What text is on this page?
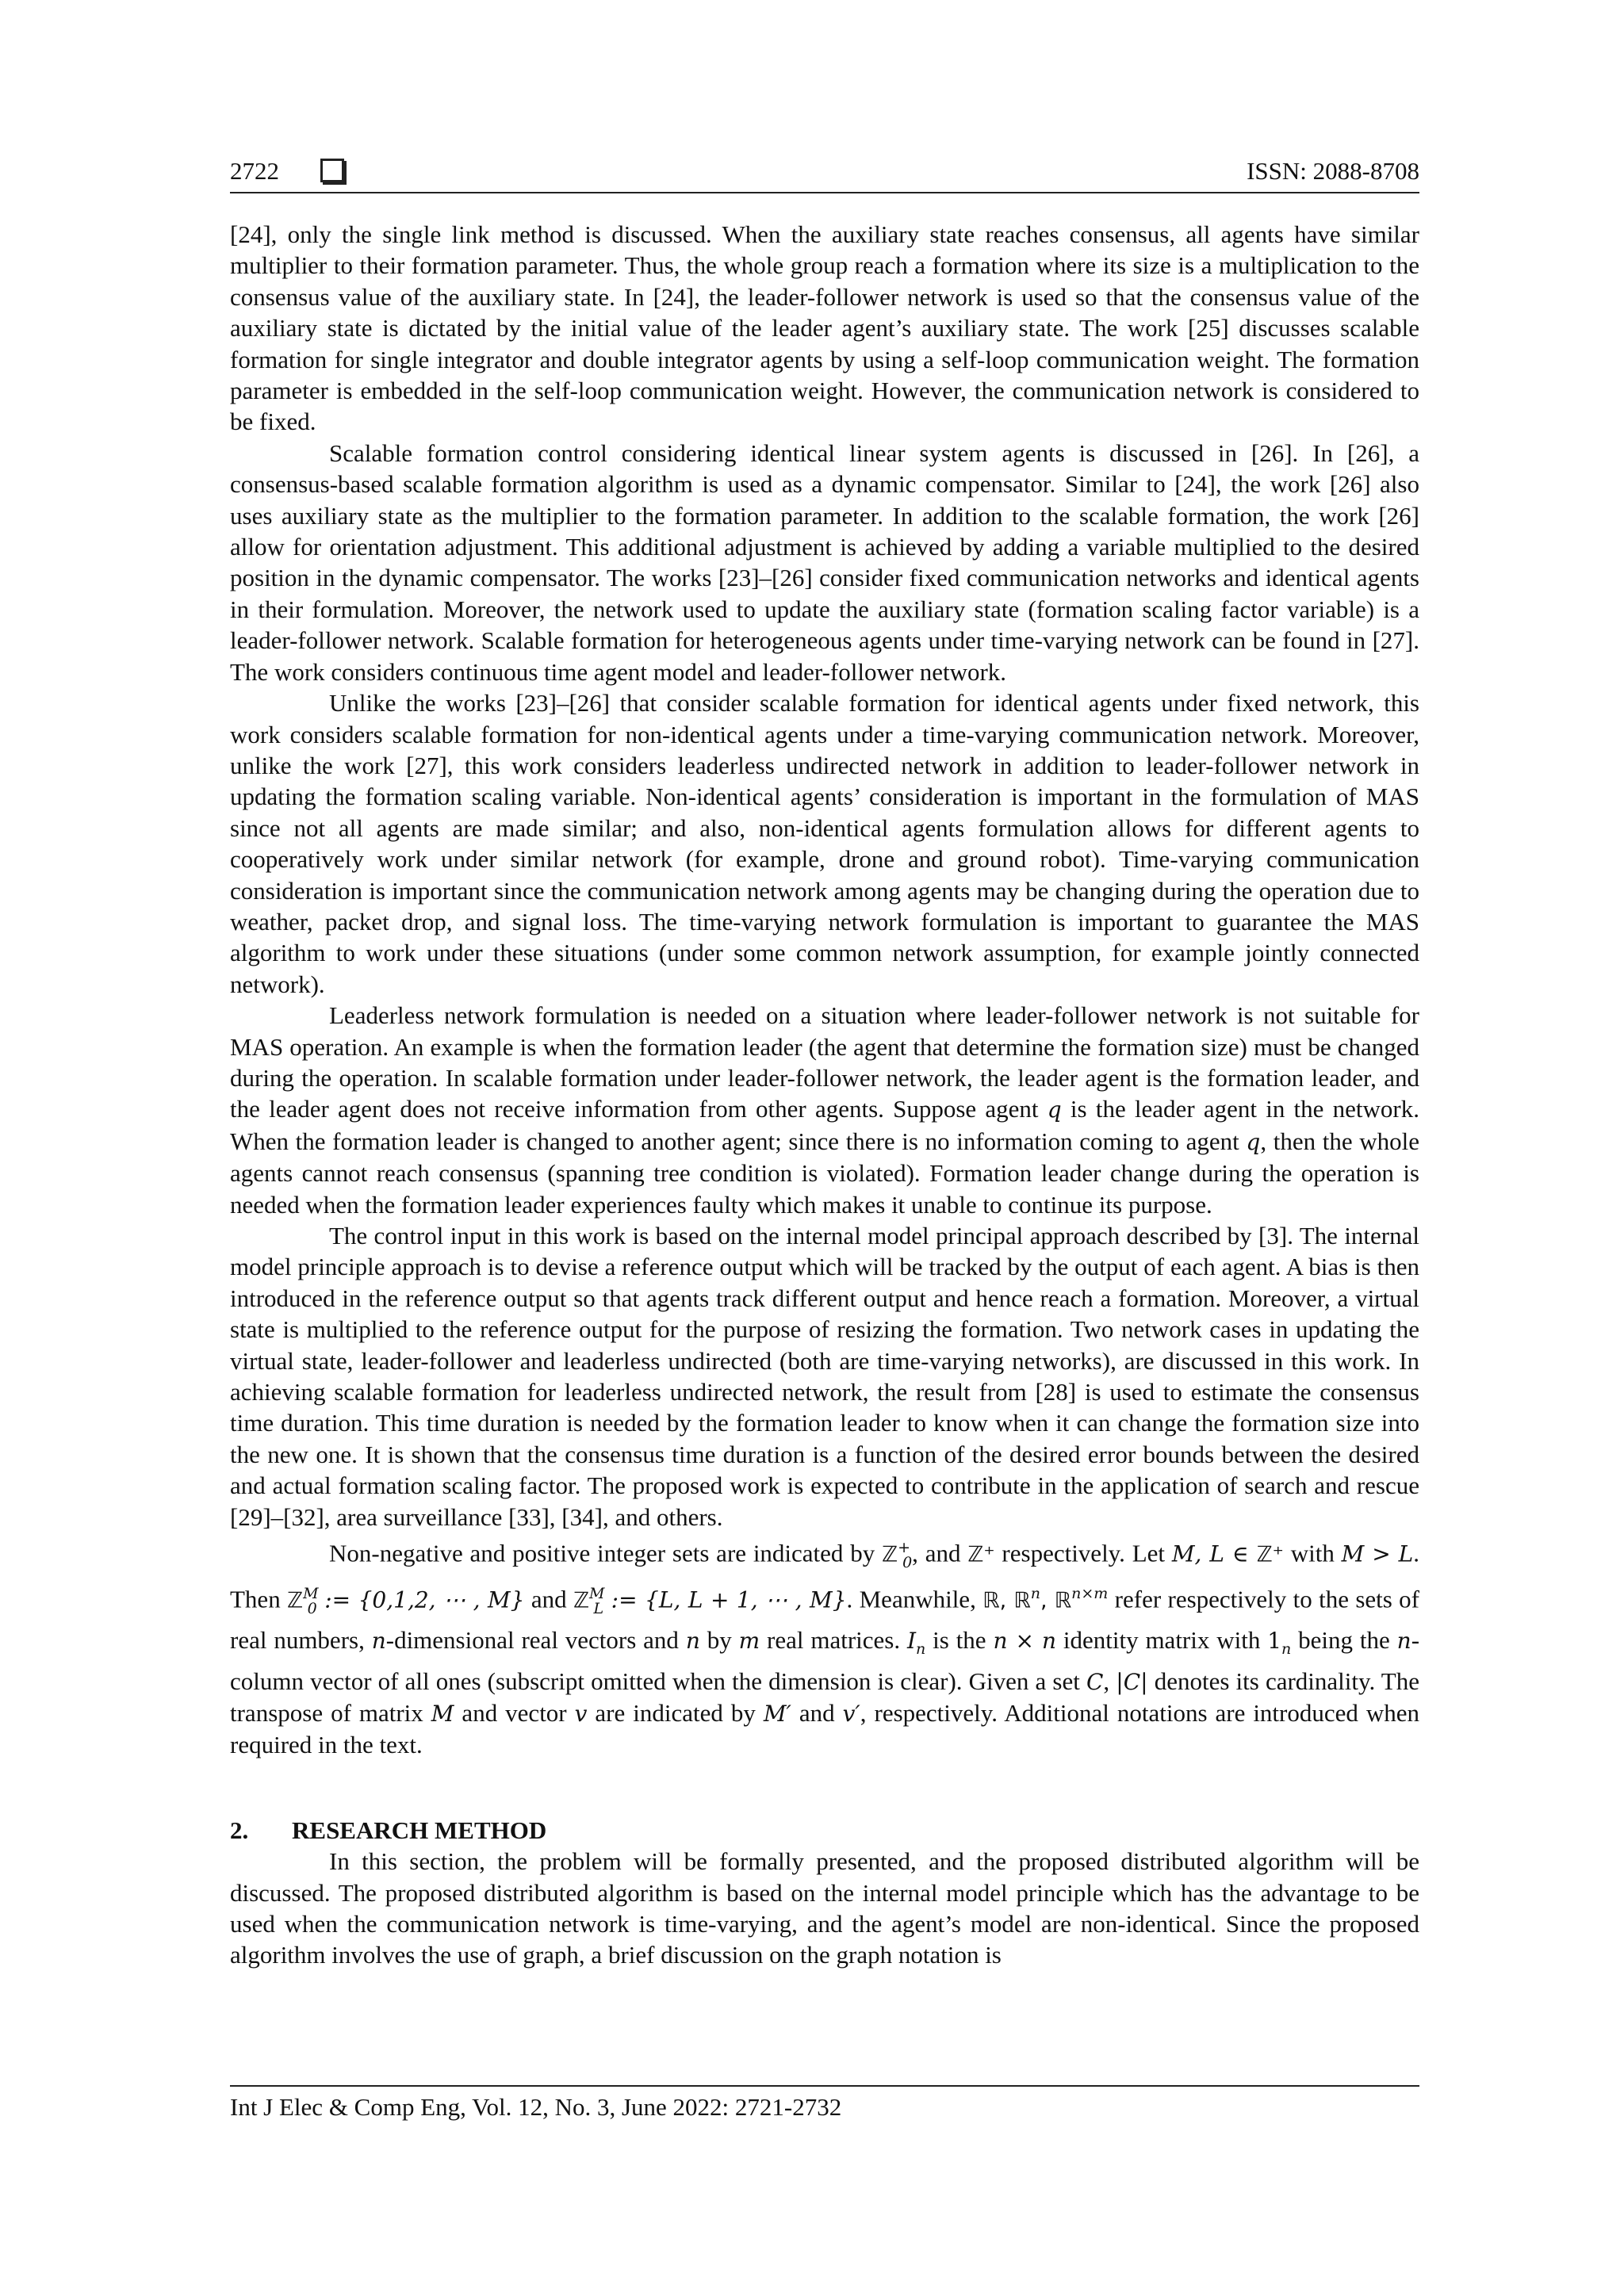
2722	ISSN: 2088-8708

[24], only the single link method is discussed. When the auxiliary state reaches consensus, all agents have similar multiplier to their formation parameter. Thus, the whole group reach a formation where its size is a multiplication to the consensus value of the auxiliary state. In [24], the leader-follower network is used so that the consensus value of the auxiliary state is dictated by the initial value of the leader agent’s auxiliary state. The work [25] discusses scalable formation for single integrator and double integrator agents by using a self-loop communication weight. The formation parameter is embedded in the self-loop communication weight. However, the communication network is considered to be fixed.

Scalable formation control considering identical linear system agents is discussed in [26]. In [26], a consensus-based scalable formation algorithm is used as a dynamic compensator. Similar to [24], the work [26] also uses auxiliary state as the multiplier to the formation parameter. In addition to the scalable formation, the work [26] allow for orientation adjustment. This additional adjustment is achieved by adding a variable multiplied to the desired position in the dynamic compensator. The works [23]–[26] consider fixed communication networks and identical agents in their formulation. Moreover, the network used to update the auxiliary state (formation scaling factor variable) is a leader-follower network. Scalable formation for heterogeneous agents under time-varying network can be found in [27]. The work considers continuous time agent model and leader-follower network.

Unlike the works [23]–[26] that consider scalable formation for identical agents under fixed network, this work considers scalable formation for non-identical agents under a time-varying communication network. Moreover, unlike the work [27], this work considers leaderless undirected network in addition to leader-follower network in updating the formation scaling variable. Non-identical agents’ consideration is important in the formulation of MAS since not all agents are made similar; and also, non-identical agents formulation allows for different agents to cooperatively work under similar network (for example, drone and ground robot). Time-varying communication consideration is important since the communication network among agents may be changing during the operation due to weather, packet drop, and signal loss. The time-varying network formulation is important to guarantee the MAS algorithm to work under these situations (under some common network assumption, for example jointly connected network).

Leaderless network formulation is needed on a situation where leader-follower network is not suitable for MAS operation. An example is when the formation leader (the agent that determine the formation size) must be changed during the operation. In scalable formation under leader-follower network, the leader agent is the formation leader, and the leader agent does not receive information from other agents. Suppose agent q is the leader agent in the network. When the formation leader is changed to another agent; since there is no information coming to agent q, then the whole agents cannot reach consensus (spanning tree condition is violated). Formation leader change during the operation is needed when the formation leader experiences faulty which makes it unable to continue its purpose.

The control input in this work is based on the internal model principal approach described by [3]. The internal model principle approach is to devise a reference output which will be tracked by the output of each agent. A bias is then introduced in the reference output so that agents track different output and hence reach a formation. Moreover, a virtual state is multiplied to the reference output for the purpose of resizing the formation. Two network cases in updating the virtual state, leader-follower and leaderless undirected (both are time-varying networks), are discussed in this work. In achieving scalable formation for leaderless undirected network, the result from [28] is used to estimate the consensus time duration. This time duration is needed by the formation leader to know when it can change the formation size into the new one. It is shown that the consensus time duration is a function of the desired error bounds between the desired and actual formation scaling factor. The proposed work is expected to contribute in the application of search and rescue [29]–[32], area surveillance [33], [34], and others.

Non-negative and positive integer sets are indicated by ℤ+$_0$, and ℤ⁺ respectively. Let M, L ∈ ℤ⁺ with M > L. Then ℤ$^M_0$ := {0,1,2, ⋯ , M} and ℤ$^M_L$ := {L, L + 1, ⋯ , M}. Meanwhile, ℝ, ℝ$^n$, ℝ$^{n\times m}$ refer respectively to the sets of real numbers, n-dimensional real vectors and n by m real matrices. $I_n$ is the n × n identity matrix with $1_n$ being the n-column vector of all ones (subscript omitted when the dimension is clear). Given a set C, |C| denotes its cardinality. The transpose of matrix M and vector v are indicated by M′ and v′, respectively. Additional notations are introduced when required in the text.

2. RESEARCH METHOD

In this section, the problem will be formally presented, and the proposed distributed algorithm will be discussed. The proposed distributed algorithm is based on the internal model principle which has the advantage to be used when the communication network is time-varying, and the agent’s model are non-identical. Since the proposed algorithm involves the use of graph, a brief discussion on the graph notation is

Int J Elec & Comp Eng, Vol. 12, No. 3, June 2022: 2721-2732
